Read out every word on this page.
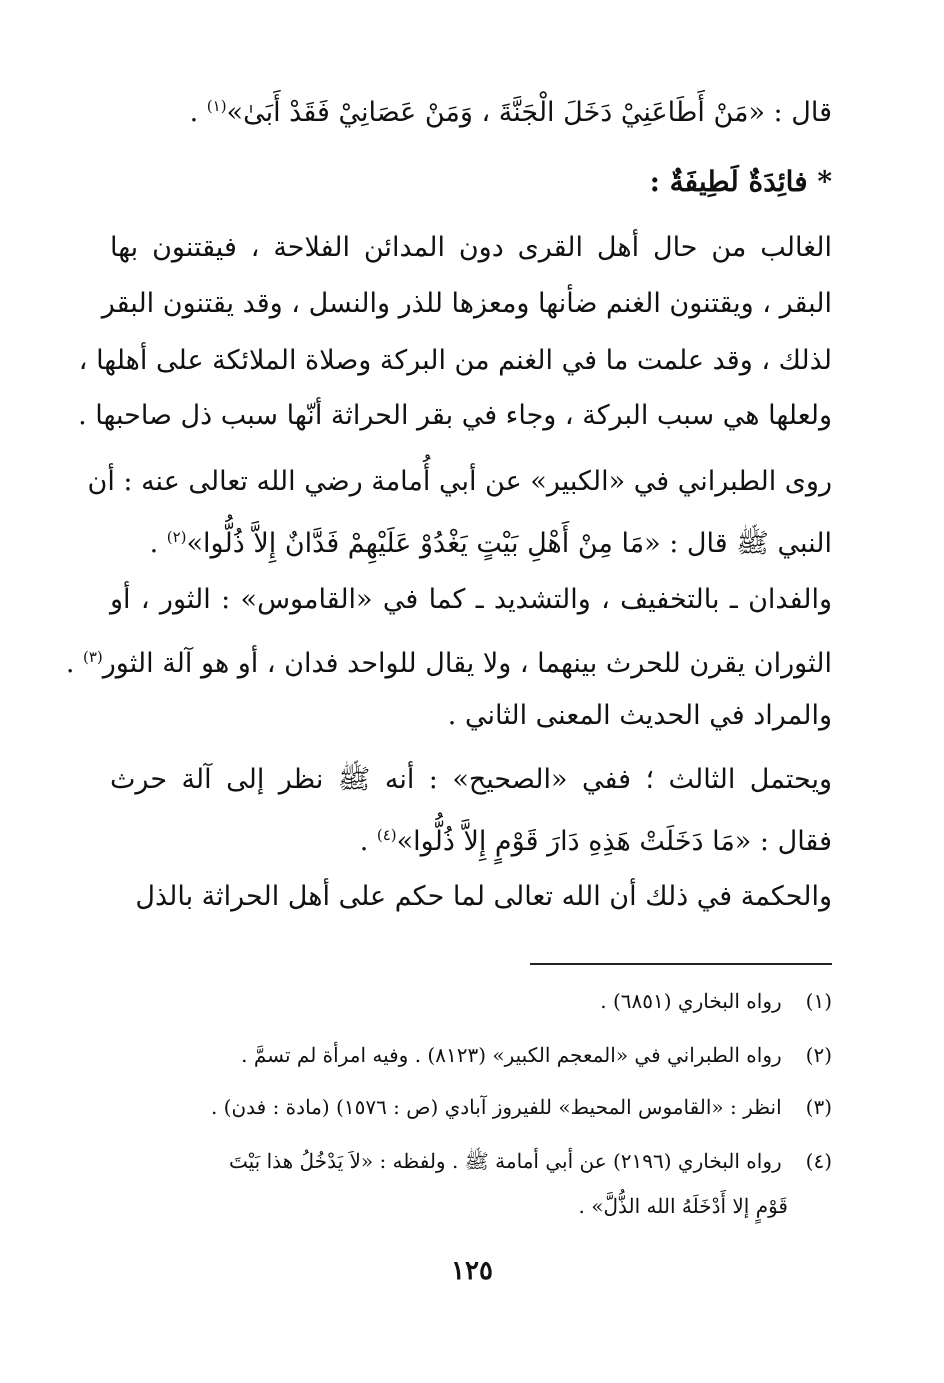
قال : «مَنْ أَطَاعَنِيْ دَخَلَ الْجَنَّةَ ، وَمَنْ عَصَانِيْ فَقَدْ أَبَىٰ»$^{(١)}$ .
* فائِدَةٌ لَطِيفَةٌ :
الغالب من حال أهل القرى دون المدائن الفلاحة ، فيقتنون بها
البقر ، ويقتنون الغنم ضأنها ومعزها للذر والنسل ، وقد يقتنون البقر
لذلك ، وقد علمت ما في الغنم من البركة وصلاة الملائكة على أهلها ،
ولعلها هي سبب البركة ، وجاء في بقر الحراثة أنّها سبب ذل صاحبها .
روى الطبراني في «الكبير» عن أبي أُمامة رضي الله تعالى عنه : أن
النبي ﷺ قال : «مَا مِنْ أَهْلِ بَيْتٍ يَغْدُوْ عَلَيْهِمْ فَدَّانٌ إِلاَّ ذُلُّوا»$^{(٢)}$ .
والفدان ـ بالتخفيف ، والتشديد ـ كما في «القاموس» : الثور ، أو
الثوران يقرن للحرث بينهما ، ولا يقال للواحد فدان ، أو هو آلة الثور$^{(٣)}$ .
والمراد في الحديث المعنى الثاني .
ويحتمل الثالث ؛ ففي «الصحيح» : أنه ﷺ نظر إلى آلة حرث
فقال : «مَا دَخَلَتْ هَذِهِ دَارَ قَوْمٍ إِلاَّ ذُلُّوا»$^{(٤)}$ .
والحكمة في ذلك أن الله تعالى لما حكم على أهل الحراثة بالذل
(١) رواه البخاري (٦٨٥١) .
(٢) رواه الطبراني في «المعجم الكبير» (٨١٢٣) . وفيه امرأة لم تسمَّ .
(٣) انظر : «القاموس المحيط» للفيروز آبادي (ص : ١٥٧٦) (مادة : فدن) .
(٤) رواه البخاري (٢١٩٦) عن أبي أمامة ﷺ . ولفظه : «لاَ يَدْخُلُ هذا بَيْتَ
قَوْمٍ إلا أَدْخَلَهُ الله الذُّلَّ» .
١٢٥
